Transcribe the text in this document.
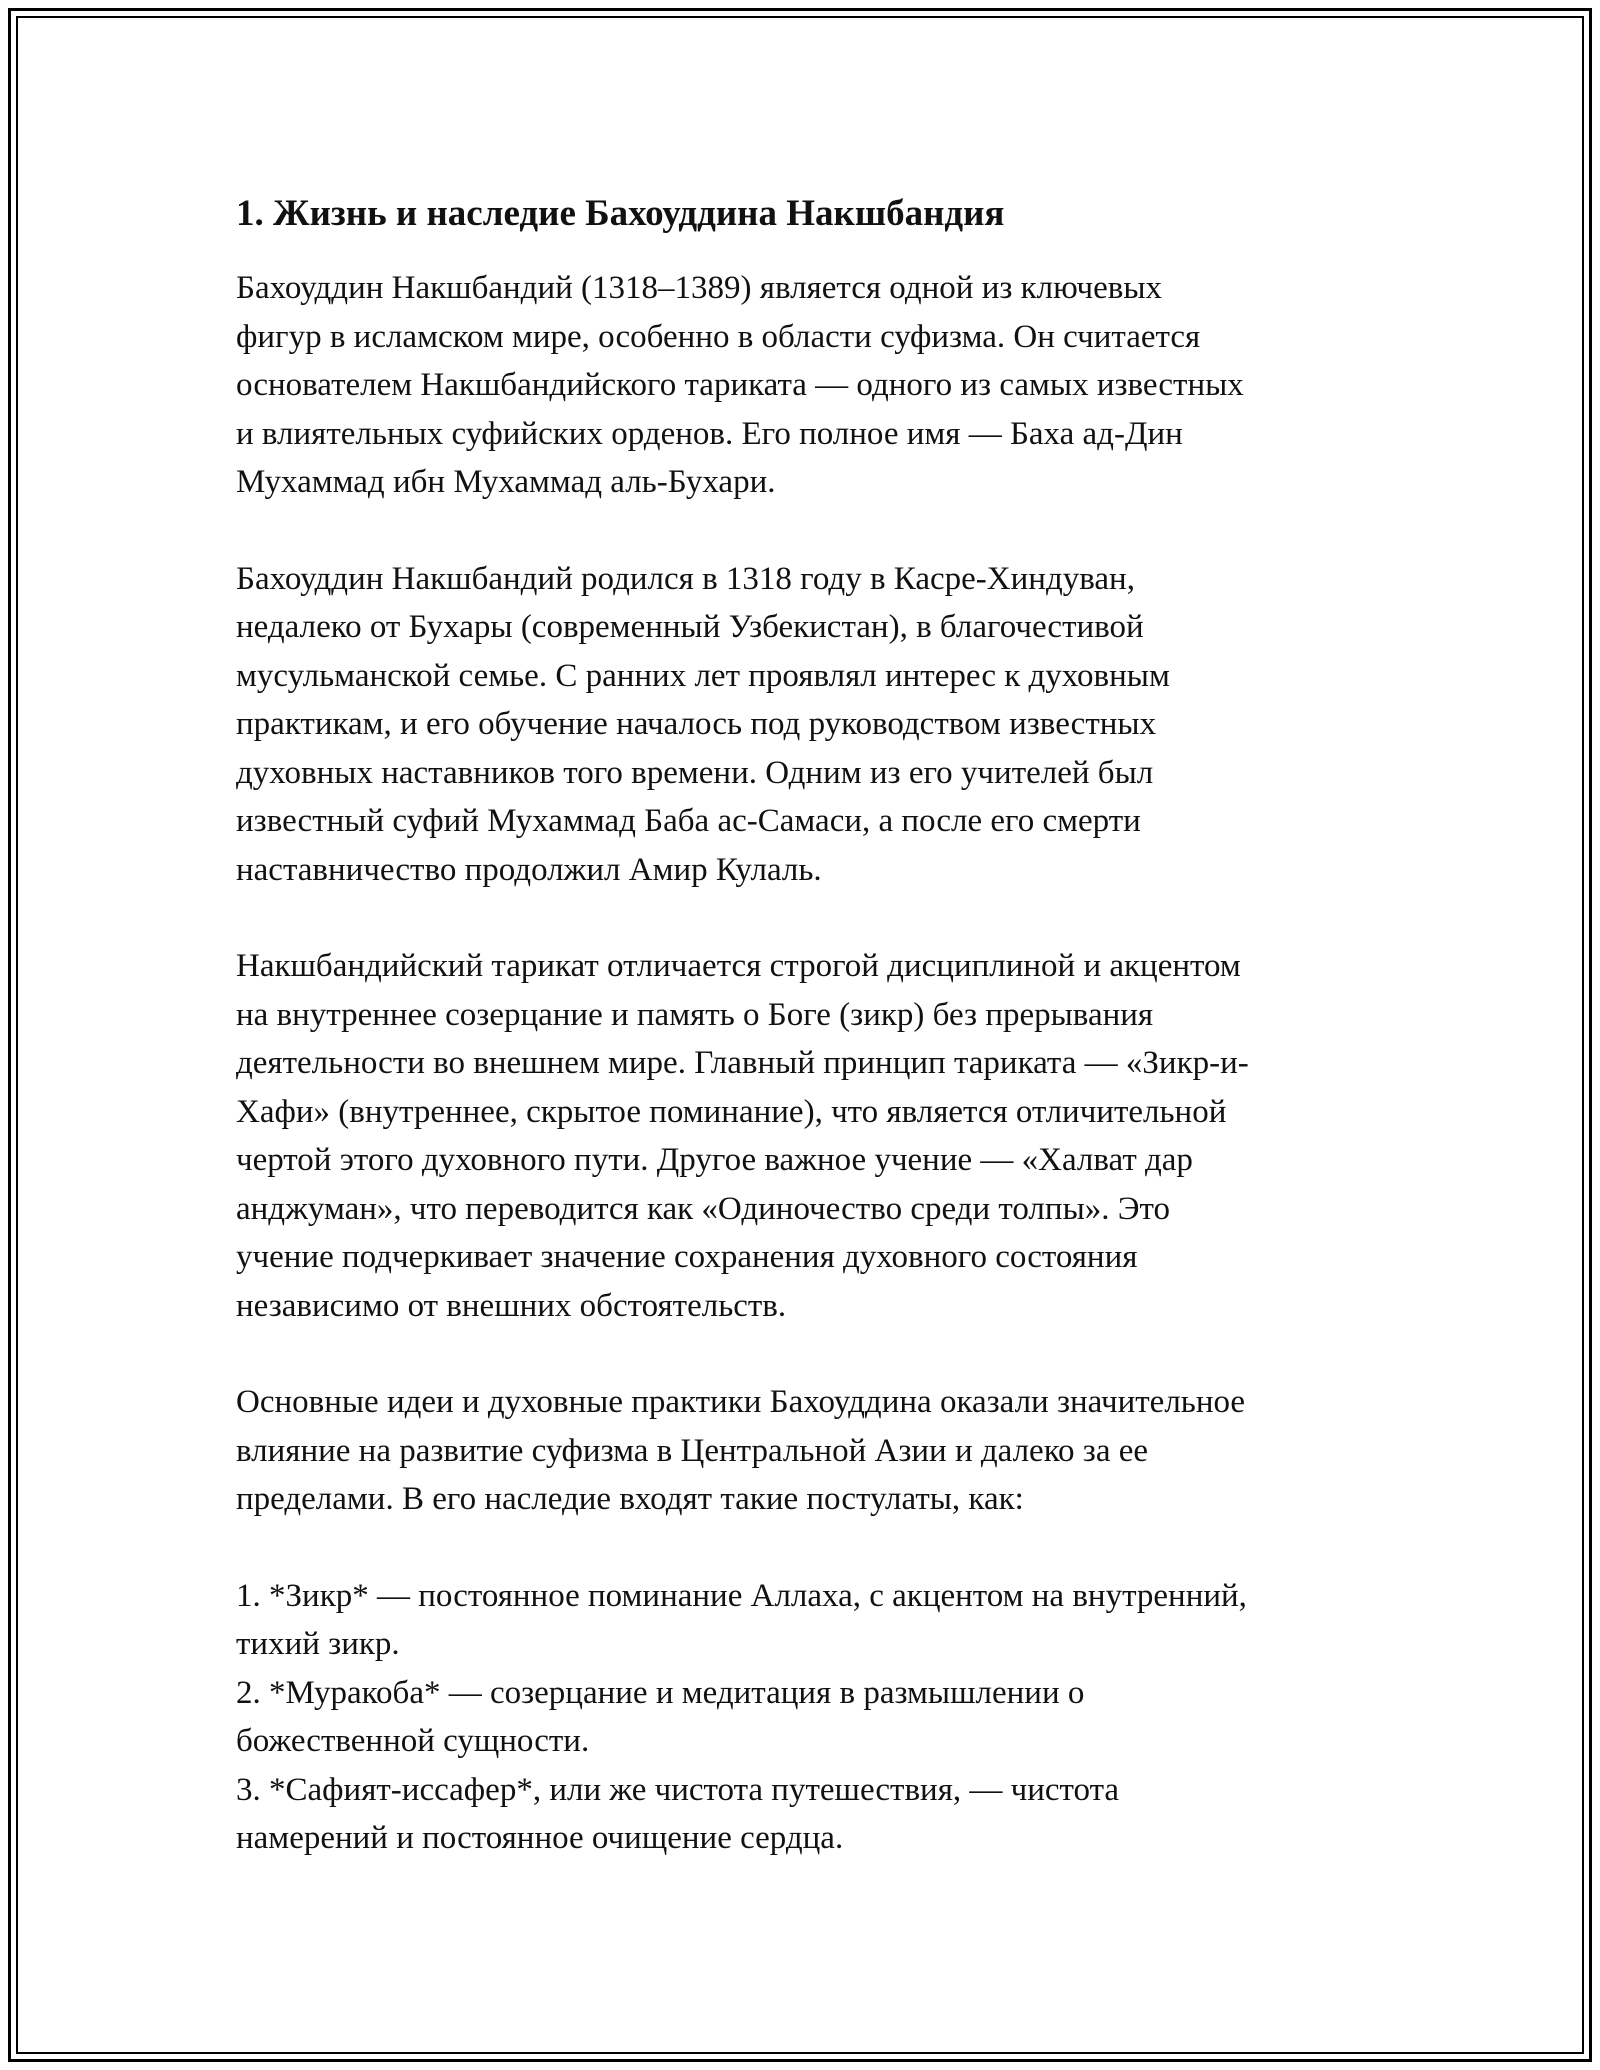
1. Жизнь и наследие Бахоуддина Накшбандия

Бахоуддин Накшбандий (1318–1389) является одной из ключевых
фигур в исламском мире, особенно в области суфизма. Он считается
основателем Накшбандийского тариката — одного из самых известных
и влиятельных суфийских орденов. Его полное имя — Баха ад-Дин
Мухаммад ибн Мухаммад аль-Бухари.

Бахоуддин Накшбандий родился в 1318 году в Касре-Хиндуван,
недалеко от Бухары (современный Узбекистан), в благочестивой
мусульманской семье. С ранних лет проявлял интерес к духовным
практикам, и его обучение началось под руководством известных
духовных наставников того времени. Одним из его учителей был
известный суфий Мухаммад Баба ас-Самаси, а после его смерти
наставничество продолжил Амир Кулаль.

Накшбандийский тарикат отличается строгой дисциплиной и акцентом
на внутреннее созерцание и память о Боге (зикр) без прерывания
деятельности во внешнем мире. Главный принцип тариката — «Зикр-и-
Хафи» (внутреннее, скрытое поминание), что является отличительной
чертой этого духовного пути. Другое важное учение — «Халват дар
анджуман», что переводится как «Одиночество среди толпы». Это
учение подчеркивает значение сохранения духовного состояния
независимо от внешних обстоятельств.

Основные идеи и духовные практики Бахоуддина оказали значительное
влияние на развитие суфизма в Центральной Азии и далеко за ее
пределами. В его наследие входят такие постулаты, как:

1. *Зикр* — постоянное поминание Аллаха, с акцентом на внутренний,
тихий зикр.
2. *Муракоба* — созерцание и медитация в размышлении о
божественной сущности.
3. *Сафият-иссафер*, или же чистота путешествия, — чистота
намерений и постоянное очищение сердца.
